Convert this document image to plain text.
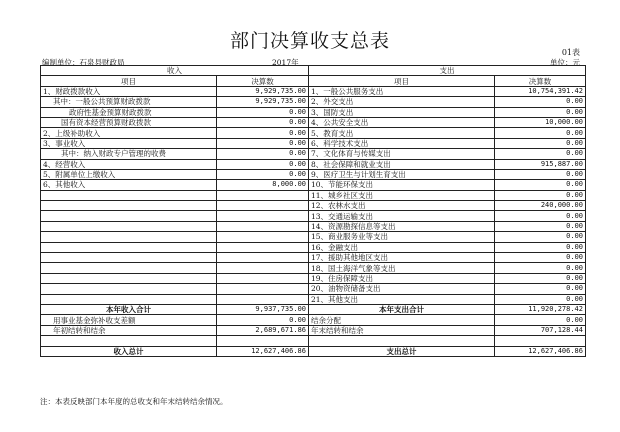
部门决算收支总表
01表
编制单位：石泉县财政局	2017年	单位：元
收入		支出	
项目	决算数	项目	决算数
1、财政拨款收入	9,929,735.00	1、一般公共服务支出	10,754,391.42
其中：一般公共预算财政拨款	9,929,735.00	2、外交支出	0.00
政府性基金预算财政拨款	0.00	3、国防支出	0.00
国有资本经营预算财政拨款	0.00	4、公共安全支出	10,000.00
2、上级补助收入	0.00	5、教育支出	0.00
3、事业收入	0.00	6、科学技术支出	0.00
其中：纳入财政专户管理的收费	0.00	7、文化体育与传媒支出	0.00
4、经营收入	0.00	8、社会保障和就业支出	915,887.00
5、附属单位上缴收入	0.00	9、医疗卫生与计划生育支出	0.00
6、其他收入	8,000.00	10、节能环保支出	0.00
		11、城乡社区支出	0.00
		12、农林水支出	240,000.00
		13、交通运输支出	0.00
		14、资源勘探信息等支出	0.00
		15、商业服务业等支出	0.00
		16、金融支出	0.00
		17、援助其他地区支出	0.00
		18、国土海洋气象等支出	0.00
		19、住房保障支出	0.00
		20、油物资储备支出	0.00
		21、其他支出	0.00
本年收入合计	9,937,735.00	本年支出合计	11,920,278.42
用事业基金弥补收支差额	0.00	结余分配	0.00
年初结转和结余	2,689,671.86	年末结转和结余	707,128.44

收入总计	12,627,406.86	支出总计	12,627,406.86
注：本表反映部门本年度的总收支和年末结转结余情况。
